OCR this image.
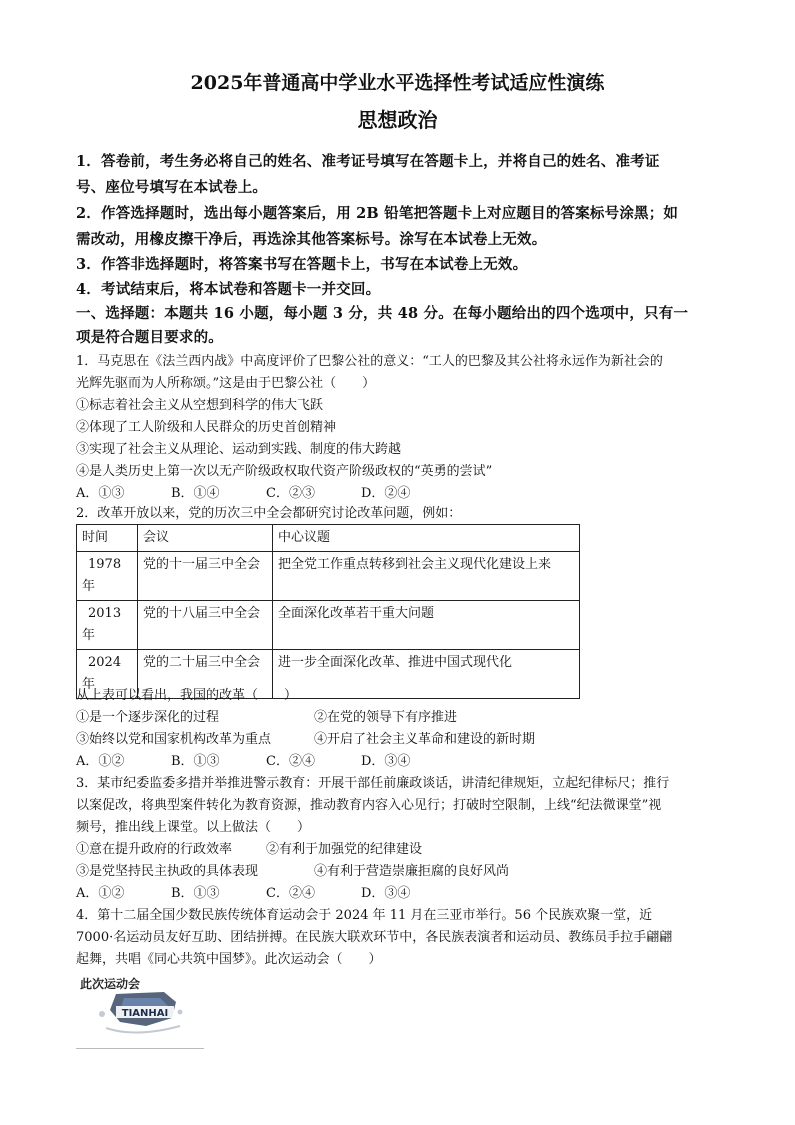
2025年普通高中学业水平选择性考试适应性演练
思想政治
1．答卷前，考生务必将自己的姓名、准考证号填写在答题卡上，并将自己的姓名、准考证
号、座位号填写在本试卷上。
2．作答选择题时，选出每小题答案后，用 2B 铅笔把答题卡上对应题目的答案标号涂黑；如
需改动，用橡皮擦干净后，再选涂其他答案标号。涂写在本试卷上无效。
3．作答非选择题时，将答案书写在答题卡上，书写在本试卷上无效。
4．考试结束后，将本试卷和答题卡一并交回。
一、选择题：本题共 16 小题，每小题 3 分，共 48 分。在每小题给出的四个选项中，只有一
项是符合题目要求的。
1．马克思在《法兰西内战》中高度评价了巴黎公社的意义：“工人的巴黎及其公社将永远作为新社会的
光辉先驱而为人所称颂。”这是由于巴黎公社（　　）
①标志着社会主义从空想到科学的伟大飞跃
②体现了工人阶级和人民群众的历史首创精神
③实现了社会主义从理论、运动到实践、制度的伟大跨越
④是人类历史上第一次以无产阶级政权取代资产阶级政权的“英勇的尝试”
A．①③	B．①④	C．②③	D．②④
2．改革开放以来，党的历次三中全会都研究讨论改革问题，例如：
时间	会议	中心议题

1978
年	党的十一届三中全会	把全党工作重点转移到社会主义现代化建设上来

2013
年	党的十八届三中全会	全面深化改革若干重大问题

2024
年	党的二十届三中全会	进一步全面深化改革、推进中国式现代化
从上表可以看出，我国的改革（　　）
①是一个逐步深化的过程	②在党的领导下有序推进
③始终以党和国家机构改革为重点	④开启了社会主义革命和建设的新时期
A．①②	B．①③	C．②④	D．③④
3．某市纪委监委多措并举推进警示教育：开展干部任前廉政谈话，讲清纪律规矩，立起纪律标尺；推行
以案促改，将典型案件转化为教育资源，推动教育内容入心见行；打破时空限制，上线“纪法微课堂”视
频号，推出线上课堂。以上做法（　　）
①意在提升政府的行政效率	②有利于加强党的纪律建设
③是党坚持民主执政的具体表现	④有利于营造崇廉拒腐的良好风尚
A．①②	B．①③	C．②④	D．③④
4．第十二届全国少数民族传统体育运动会于 2024 年 11 月在三亚市举行。56 个民族欢聚一堂，近
7000·名运动员友好互助、团结拼搏。在民族大联欢环节中，各民族表演者和运动员、教练员手拉手翩翩
起舞，共唱《同心共筑中国梦》。此次运动会（　　）
此次运动会
TIANHAI
